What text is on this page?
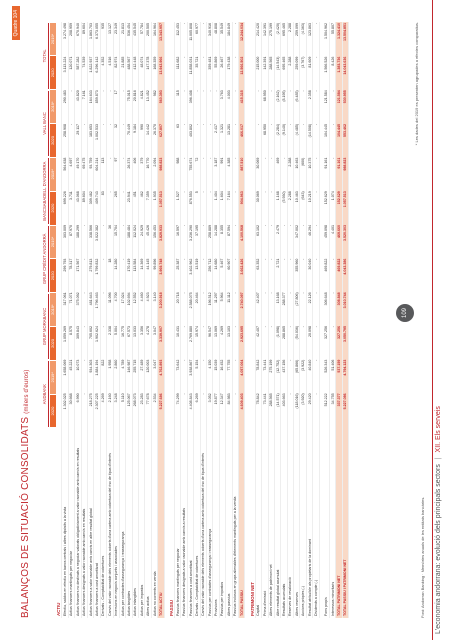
Quadre 104
BALANÇOS DE SITUACIÓ CONSOLIDATS (milers d'euros)	ANDBANK
GRUP MORABANC
GRUP CRÈDIT ANDORRÀ
BANCSABADELL D'ANDORRA
VALL BANC
TOTAL
2020
2019*
2020
2019*
2020
2019*
2020
2019*
2020
2019*
2020
2019*
ACTIU Efectiu, saldos en efectiu en bancs centrals i altres dipòsits a la vista
1.302.025
1.658.069
1.059.269
317.061
299.793
303.009
699.226
564.638
258.908
290.483
3.113.224
3.274.498
Actius financers mantinguts per negociar
30.668
45.221
8.575
71.071
78.317
87.970
3.711
4.697
-
-
120.071
208.959
Actius financers no destinats a negociar valorats obligatòriament a valor raonable amb canvis en resultats
6.990
10.073
309.843
375.092
171.567
188.299
43.068
49.170
29.117
43.820
587.282
670.940
Actius financers designats a valor raonable amb canvis en resultats
-
-
-
-
-
-
89.604
69.475
-
7.161
74.539
89.604
Actius financers a valor raonable amb canvis en altre resultat global
218.275
934.303
705.602
481.643
279.813
338.566
309.482
93.759
183.653
164.633
1.822.937
1.863.703
Actius financers a cost amortitzat
2.307.225
1.884.194
1.902.624
1.796.463
1.799.832
3.022.382
409.743
604.214
1.002.533
859.873
6.296.142
6.373.055
Derivats - Comptabilitat de cobertures
4.269
822
-
-
-
-
83
113
-
-
4.352
935
Canvis del valor raonable dels elements coberts d'una cartera amb cobertura del risc de tipus d'interès
2.160
1.958
2.338
11.096
18
36
-
-
-
-
4.516
13.127
Inversions en negocis conjunts i associades
3.248
2.860
5.004
4.700
14.280
15.704
265
97
32
17
82.974
23.349
Actius per contractes d'assegurança i reassegurança
5.110
4.789
16.775
17.024
-
-
-
-
-
-
21.885
21.813
Actius tangibles
125.067
146.987
67.573
102.694
170.419
188.484
23.941
26.374
70.449
75.015
488.567
536.454
Actius intangibles
268.073
255.715
13.033
12.552
113.584
112.024
451
406
9.184
20.816
412.448
435.545
Actius per impostos
23.283
27.489
3.356
4.460
14.369
24.929
462
379
990
4.821
48.074
57.784
Altres actius
77.678
120.003
4.278
4.923
44.145
45.426
7.359
16.770
14.442
13.452
147.378
200.505
Actius no corrents en venda
2.534
3.047
3.047
3.140
99.896
156.453
1.935
2.094
26.370
982
168.359
164.964
TOTAL ACTIU
5.227.686
4.762.893
3.339.907
3.200.918
3.969.748
3.829.933
1.057.513
988.823
627.807
560.393
13.943.966
13.343.957
PASSIU Passius financers mantinguts per negociar
74.299
73.642
10.431
20.718
25.387
16.597
1.527
988
63
115
111.682
112.453
Passius financers designats a valor raonable amb canvis a resultats
-
-
-
-
-
-
-
-
-
-
-
-
Passius financers a cost amortitzat
4.408.843
3.938.867
2.769.880
2.588.075
3.402.962
3.236.290
876.553
755.674
403.802
396.408
11.858.031
11.005.808
Derivats - Comptabilitat de cobertures
6.269
5.154
15.974
20.464
13.519
37.195
5
72
-
-
35.721
60.977
Canvis del valor raonable dels elements coberts d'una cartera amb cobertura del risc de tipus d'interès
-
-
-
-
-
-
-
-
-
-
-
-
Passius per contractes d'assegurança i reassegurança
3.052
4.150
96.547
196.512
256.712
258.889
-
-
-
-
359.481
340.916
Provisions
19.877
15.039
13.069
11.297
14.680
14.288
1.404
3.187
2.417
-
55.869
48.808
Passius per impostos
12.347
16.452
4.269
5.964
5.467
8.355
1.604
991
1.321
3.763
26.467
35.549
Altres passius
84.983
77.755
13.103
11.112
60.907
87.594
7.164
4.385
13.281
4.003
179.438
184.849
Passius inclosos en grups alienables d'elements mantinguts per a la venda
-
-
-
-
-
-
-
-
-
-
-
-
TOTAL PASSIU
4.609.403
4.057.064
2.923.695
2.740.097
3.662.426
4.100.568
904.963
887.510
466.017
415.315
12.566.502
12.244.034
PATRIMONI NET Capital
78.842
78.842
42.407
42.407
63.352
63.102
30.069
30.069
-
-
215.000
214.420
Prima d'emissió
73.441
73.441
-
-
-
-
-
-
68.950
68.950
142.391
142.391
Altres elements de patrimoni net
288.565
275.199
-
-
-
-
-
-
-
-
288.565
275.199
Altre resultat global acumulat
(14.571)
(12.752)
(1.098)
13.168
2.721
2.479
1.168
469
(2.284)
(2.162)
(14.543)
(2.420)
Resultats acumulats
403.663
437.156
288.865
288.377
-
-
(5.930)
-
(9.140)
(8.195)
695.465
695.465
Reserves de revaloració
-
-
-
-
-
-
2.288
2.288
-
-
2.288
2.288
Altres reserves
(118.016)
(65.866)
(54.036)
(27.806)
355.960
347.002
10.463
10.463
(4.485)
(6.485)
259.099
259.099
Accions pròpies (-)
(3.920)
(3.922)
-
-
-
-
(643)
(600)
-
-
(3.767)
(4.363)
Resultat atribuïble als propietaris de la dominant
29.420
40.840
20.098
22.126
30.040
46.294
10.219
10.375
(14.508)
2.358
81.609
123.863
Dividends a compte (-)
-
-
-
-
-
-
-
-
-
-
-
-
Fons propis
512.222
526.343
327.256
306.648
469.822
459.098
152.629
91.161
104.445
121.584
1.566.526
1.504.962
Interessos minoritaris
34.755
51.406
-
-
-
4.401
1.074
-
-
-
8.426
55.807
TOTAL PATRIMONI NET
337.377
537.159
327.256
308.848
469.822
469.660
152.629
91.161
104.445
121.584
1.383.736
1.324.410
TOTAL PASSIU I PATRIMONI NET
5.227.086
4.794.123
3.050.795
3.010.744
4.043.386
3.520.303
1.057.513
988.823
553.462
530.955
14.043.636
13.504.851	* Les dades del 2019 es presenten agrupades a efectes comparatius.
Font: Andorran Banking · Memòries anuals de les entitats bancàries.
109
L'economia andorrana: evolució dels principals sectors | XII. Els serveis
